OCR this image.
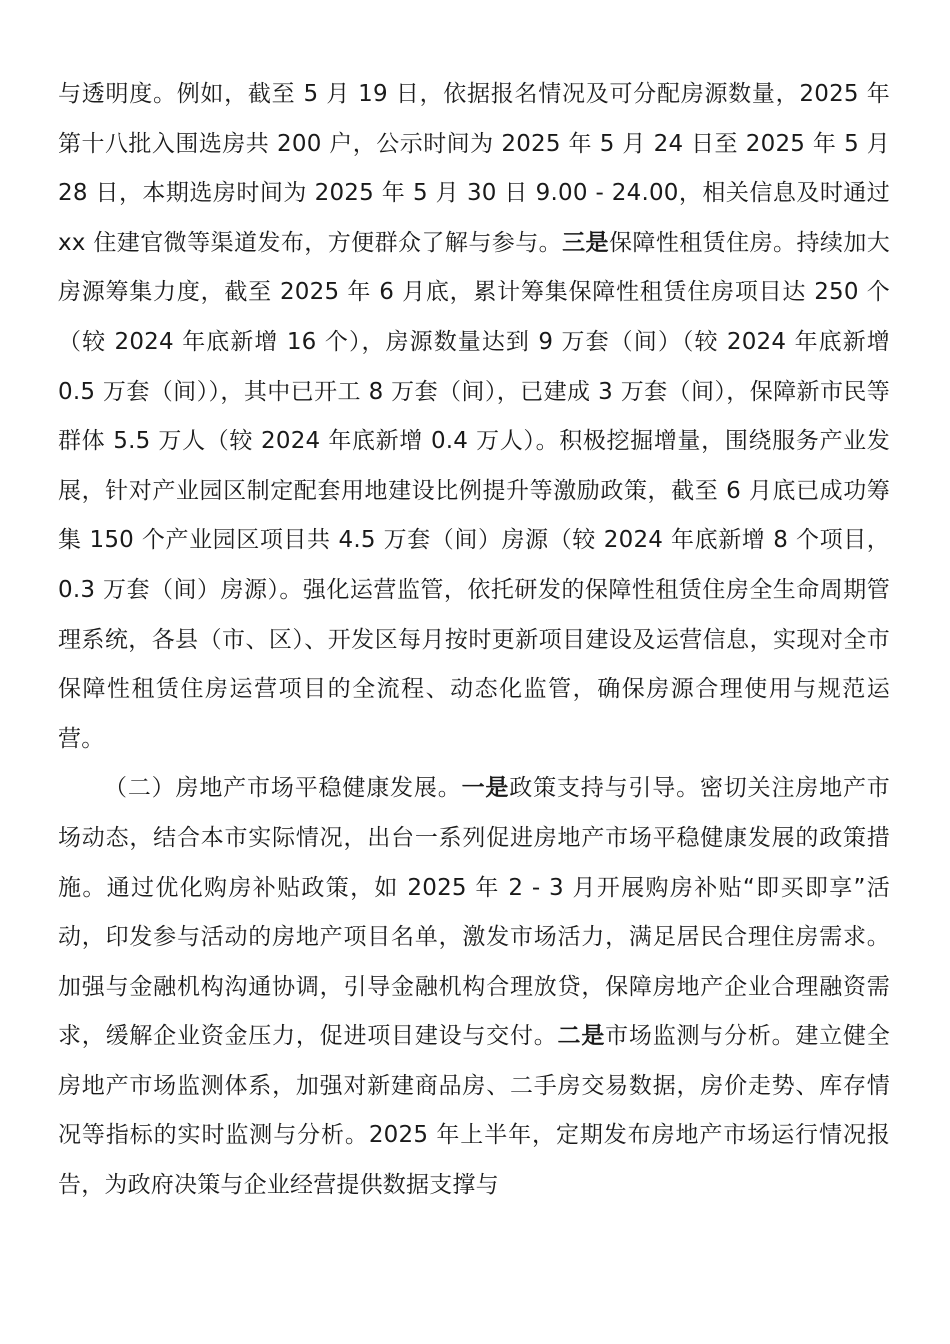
与透明度。例如，截至 5 月 19 日，依据报名情况及可分配房源数量，2025 年第十八批入围选房共 200 户，公示时间为 2025 年 5 月 24 日至 2025 年 5 月 28 日，本期选房时间为 2025 年 5 月 30 日 9.00 - 24.00，相关信息及时通过 xx 住建官微等渠道发布，方便群众了解与参与。三是保障性租赁住房。持续加大房源筹集力度，截至 2025 年 6 月底，累计筹集保障性租赁住房项目达 250 个（较 2024 年底新增 16 个），房源数量达到 9 万套（间）（较 2024 年底新增 0.5 万套（间）），其中已开工 8 万套（间），已建成 3 万套（间），保障新市民等群体 5.5 万人（较 2024 年底新增 0.4 万人）。积极挖掘增量，围绕服务产业发展，针对产业园区制定配套用地建设比例提升等激励政策，截至 6 月底已成功筹集 150 个产业园区项目共 4.5 万套（间）房源（较 2024 年底新增 8 个项目，0.3 万套（间）房源）。强化运营监管，依托研发的保障性租赁住房全生命周期管理系统，各县（市、区）、开发区每月按时更新项目建设及运营信息，实现对全市保障性租赁住房运营项目的全流程、动态化监管，确保房源合理使用与规范运营。

（二）房地产市场平稳健康发展。一是政策支持与引导。密切关注房地产市场动态，结合本市实际情况，出台一系列促进房地产市场平稳健康发展的政策措施。通过优化购房补贴政策，如 2025 年 2 - 3 月开展购房补贴“即买即享”活动，印发参与活动的房地产项目名单，激发市场活力，满足居民合理住房需求。加强与金融机构沟通协调，引导金融机构合理放贷，保障房地产企业合理融资需求，缓解企业资金压力，促进项目建设与交付。二是市场监测与分析。建立健全房地产市场监测体系，加强对新建商品房、二手房交易数据，房价走势、库存情况等指标的实时监测与分析。2025 年上半年，定期发布房地产市场运行情况报告，为政府决策与企业经营提供数据支撑与
